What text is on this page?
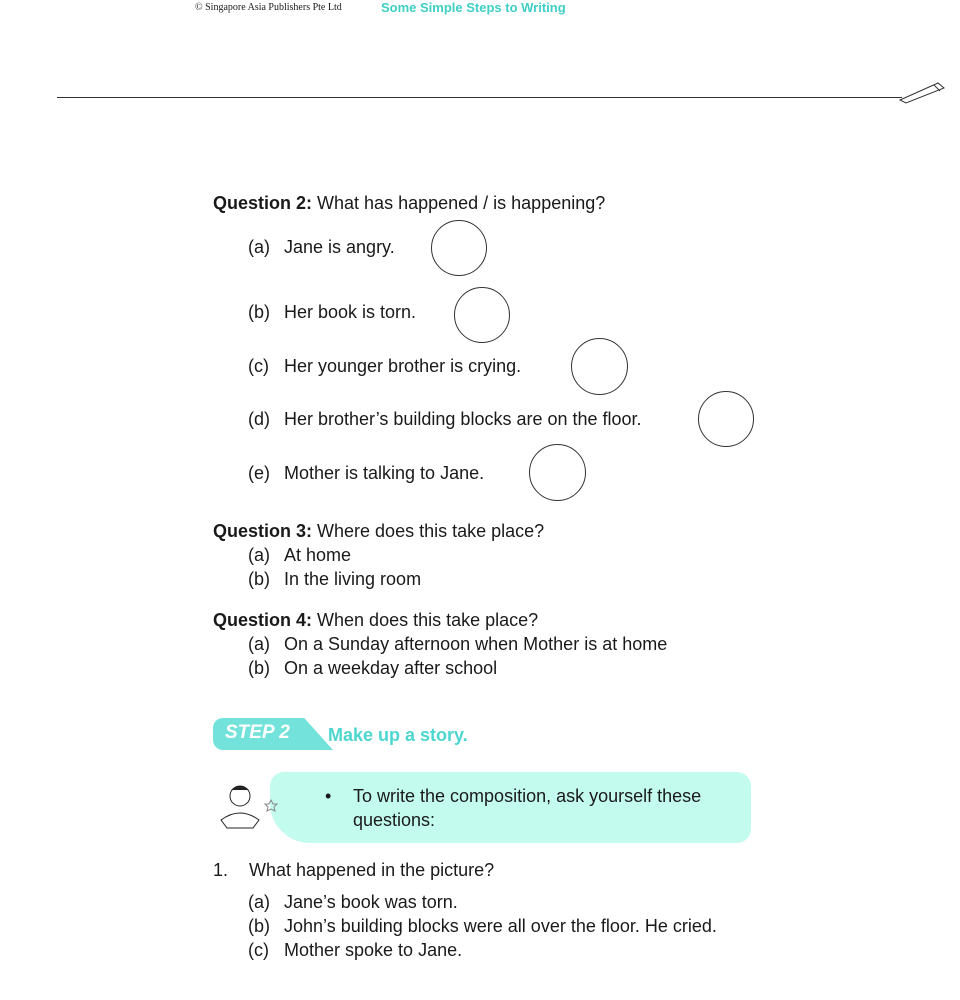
© Singapore Asia Publishers Pte Ltd	Some Simple Steps to Writing
Question 2: What has happened / is happening?
(a) Jane is angry.
(b) Her book is torn.
(c) Her younger brother is crying.
(d) Her brother’s building blocks are on the floor.
(e) Mother is talking to Jane.
Question 3: Where does this take place?
(a) At home
(b) In the living room
Question 4: When does this take place?
(a) On a Sunday afternoon when Mother is at home
(b) On a weekday after school
STEP 2 Make up a story.
• To write the composition, ask yourself these
questions:
1. What happened in the picture?
(a) Jane’s book was torn.
(b) John’s building blocks were all over the floor. He cried.
(c) Mother spoke to Jane.
